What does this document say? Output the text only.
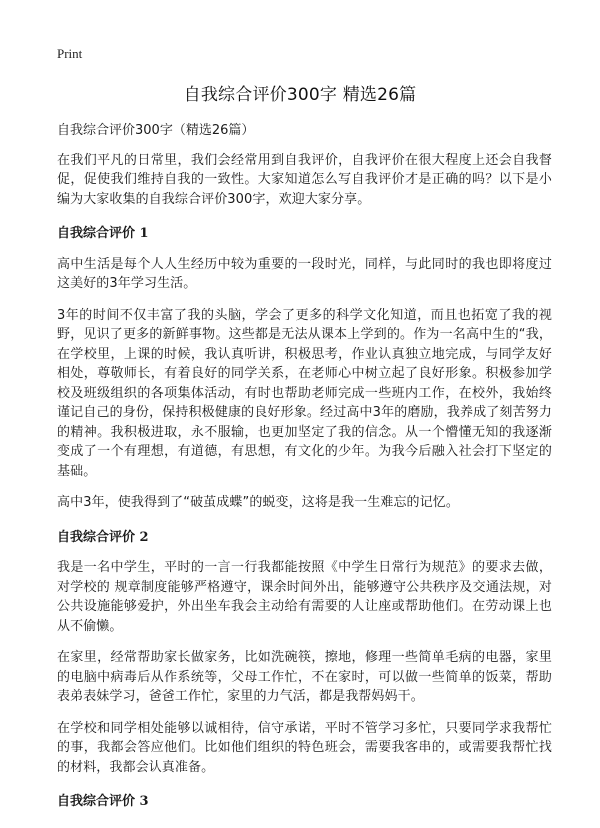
Print
自我综合评价300字 精选26篇

自我综合评价300字（精选26篇）

在我们平凡的日常里，我们会经常用到自我评价，自我评价在很大程度上还会自我督促，促使我们维持自我的一致性。大家知道怎么写自我评价才是正确的吗？以下是小编为大家收集的自我综合评价300字，欢迎大家分享。

自我综合评价 1

高中生活是每个人人生经历中较为重要的一段时光，同样，与此同时的我也即将度过这美好的3年学习生活。

3年的时间不仅丰富了我的头脑，学会了更多的科学文化知道，而且也拓宽了我的视野，见识了更多的新鲜事物。这些都是无法从课本上学到的。作为一名高中生的“我，在学校里，上课的时候，我认真听讲，积极思考，作业认真独立地完成，与同学友好相处，尊敬师长，有着良好的同学关系，在老师心中树立起了良好形象。积极参加学校及班级组织的各项集体活动，有时也帮助老师完成一些班内工作，在校外，我始终谨记自己的身份，保持积极健康的良好形象。经过高中3年的磨励，我养成了刻苦努力的精神。我积极进取，永不服输，也更加坚定了我的信念。从一个懵懂无知的我逐渐变成了一个有理想，有道德，有思想，有文化的少年。为我今后融入社会打下坚定的基础。

高中3年，使我得到了“破茧成蝶”的蜕变，这将是我一生难忘的记忆。

自我综合评价 2

我是一名中学生，平时的一言一行我都能按照《中学生日常行为规范》的要求去做，对学校的 规章制度能够严格遵守，课余时间外出，能够遵守公共秩序及交通法规，对公共设施能够爱护，外出坐车我会主动给有需要的人让座或帮助他们。在劳动课上也从不偷懒。

在家里，经常帮助家长做家务，比如洗碗筷，擦地，修理一些简单毛病的电器，家里的电脑中病毒后从作系统等，父母工作忙，不在家时，可以做一些简单的饭菜，帮助表弟表妹学习，爸爸工作忙，家里的力气活，都是我帮妈妈干。

在学校和同学相处能够以诚相待，信守承诺，平时不管学习多忙，只要同学求我帮忙的事，我都会答应他们。比如他们组织的特色班会，需要我客串的，或需要我帮忙找的材料，我都会认真准备。

自我综合评价 3
